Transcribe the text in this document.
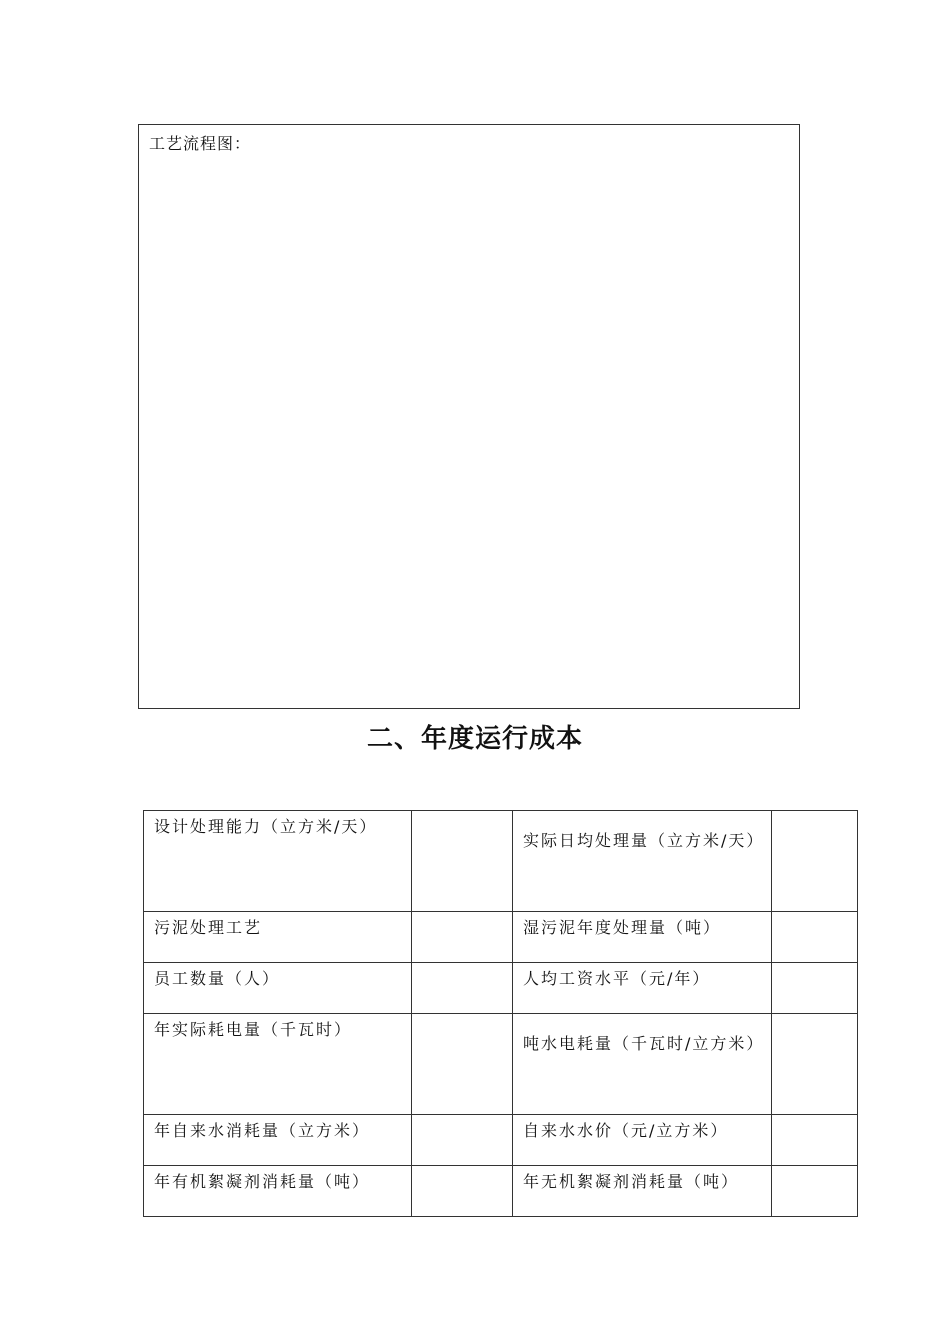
工艺流程图：
二、年度运行成本
设计处理能力（立方米/天）		实际日均处理量（立方米/天）	
污泥处理工艺		湿污泥年度处理量（吨）	
员工数量（人）		人均工资水平（元/年）	
年实际耗电量（千瓦时）		吨水电耗量（千瓦时/立方米）	
年自来水消耗量（立方米）		自来水水价（元/立方米）	
年有机絮凝剂消耗量（吨）		年无机絮凝剂消耗量（吨）	
